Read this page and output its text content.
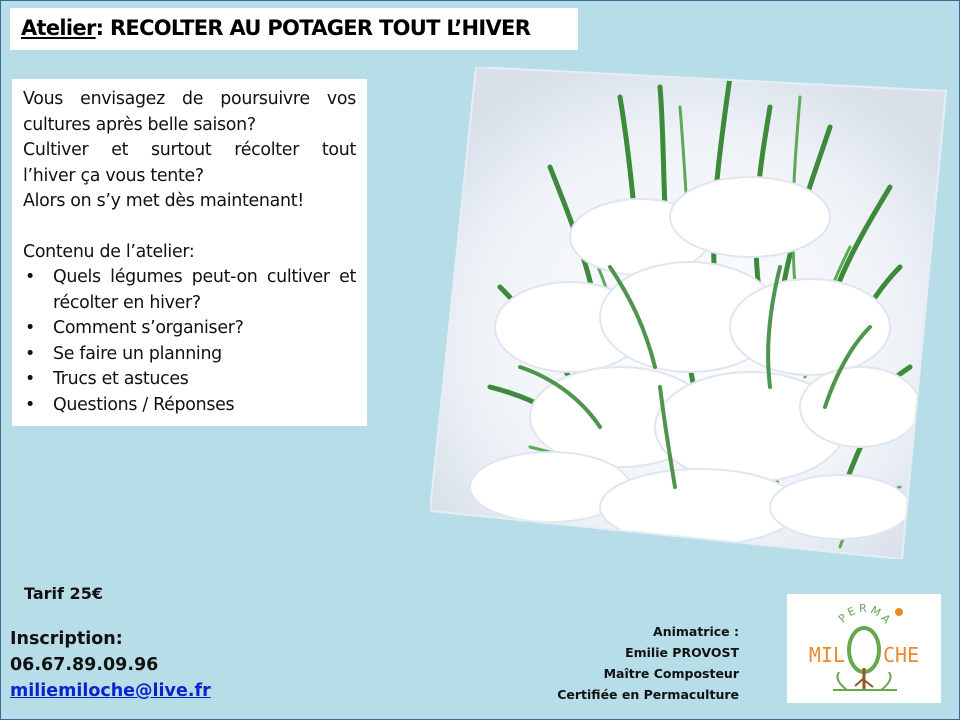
Atelier: RECOLTER AU POTAGER TOUT L’HIVER
Vous envisagez de poursuivre vos
cultures après belle saison?
Cultiver et surtout récolter tout
l’hiver ça vous tente?
Alors on s’y met dès maintenant!
Contenu de l’atelier:
• Quels légumes peut-on cultiver et
récolter en hiver?
• Comment s’organiser?
• Se faire un planning
• Trucs et astuces
• Questions / Réponses
Tarif 25€
Inscription:
06.67.89.09.96
miliemiloche@live.fr
Animatrice :
Emilie PROVOST
Maître Composteur
Certifiée en Permaculture
PERMA
MIL CHE
